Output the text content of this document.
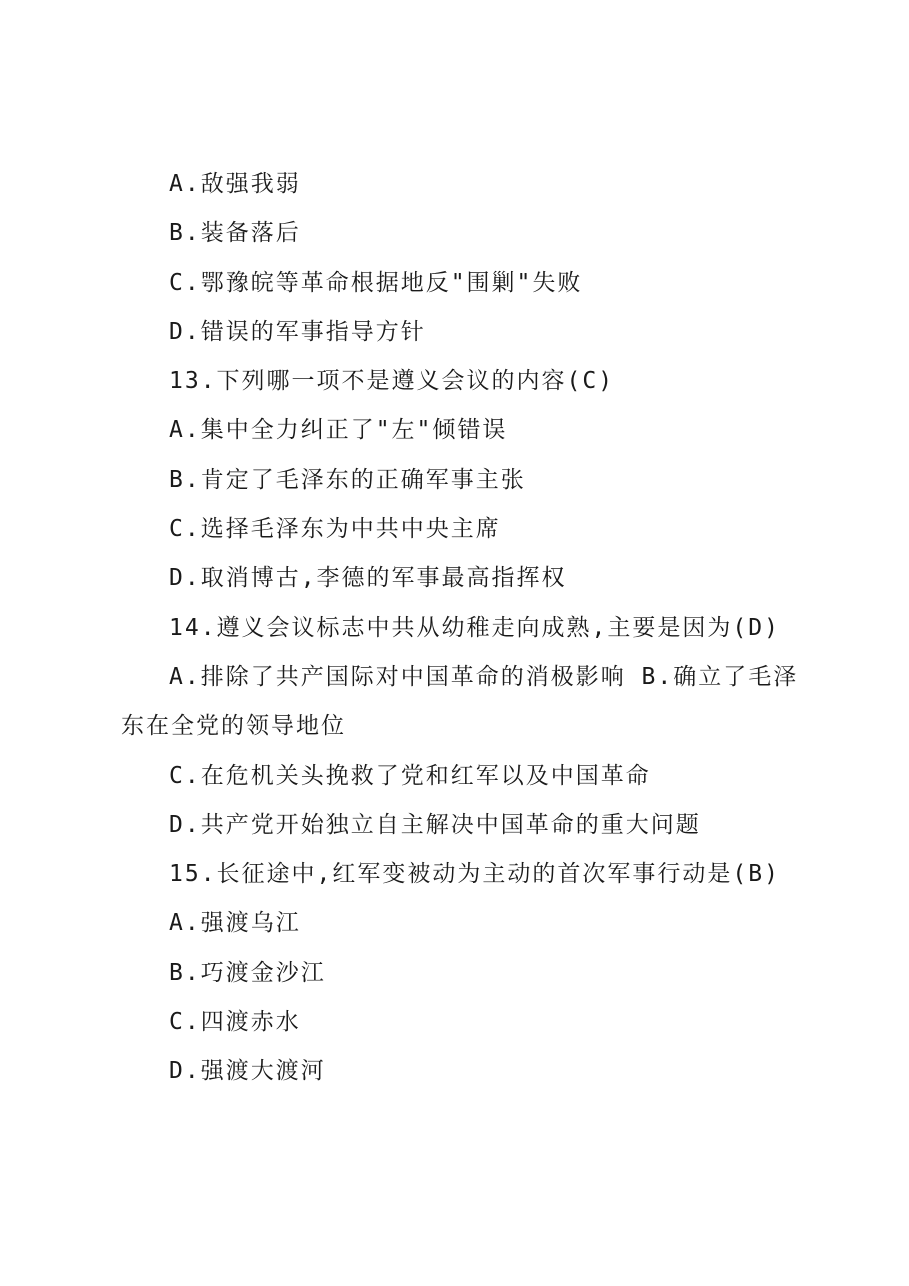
A.敌强我弱

B.装备落后

C.鄂豫皖等革命根据地反"围剿"失败

D.错误的军事指导方针

13.下列哪一项不是遵义会议的内容(C)

A.集中全力纠正了"左"倾错误

B.肯定了毛泽东的正确军事主张

C.选择毛泽东为中共中央主席

D.取消博古,李德的军事最高指挥权

14.遵义会议标志中共从幼稚走向成熟,主要是因为(D)

A.排除了共产国际对中国革命的消极影响 B.确立了毛泽东在全党的领导地位

C.在危机关头挽救了党和红军以及中国革命

D.共产党开始独立自主解决中国革命的重大问题

15.长征途中,红军变被动为主动的首次军事行动是(B)

A.强渡乌江

B.巧渡金沙江

C.四渡赤水

D.强渡大渡河
